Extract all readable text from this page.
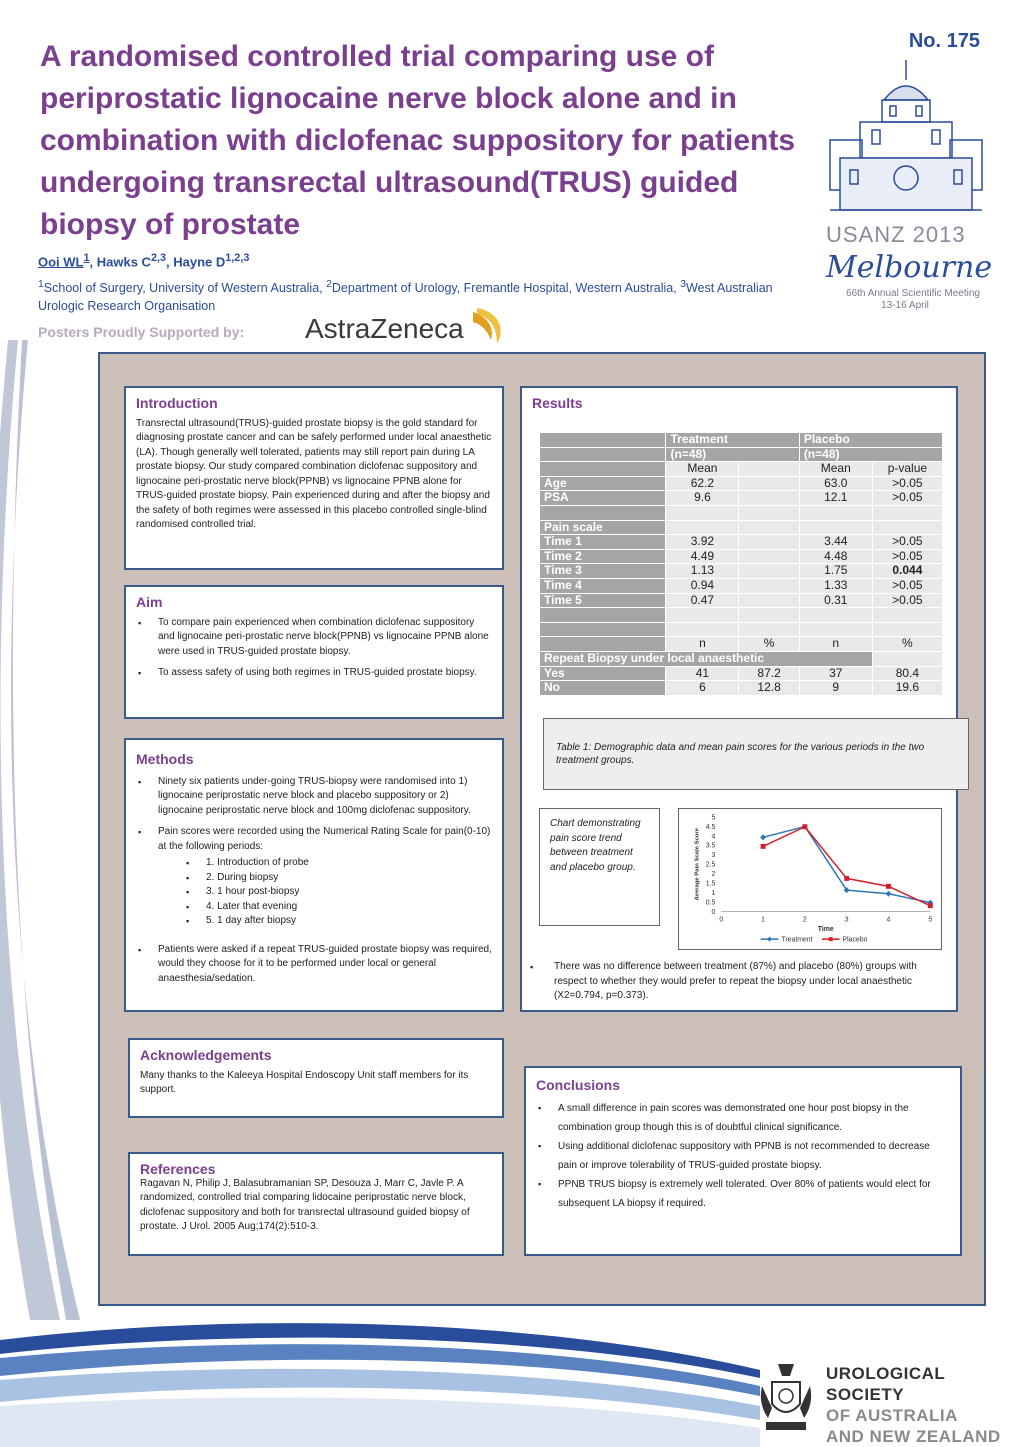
No. 175
A randomised controlled trial comparing use of periprostatic lignocaine nerve block alone and in combination with diclofenac suppository for patients undergoing transrectal ultrasound(TRUS) guided biopsy of prostate
Ooi $WL^1$, Hawks C$^{2,3}$, Hayne D$^{1,2,3}$
$^1$School of Surgery, University of Western Australia, $^2$Department of Urology, Fremantle Hospital, Western Australia, $^3$West Australian Urologic Research Organisation
Posters Proudly Supported by: AstraZeneca
USANZ 2013
Melbourne
66th Annual Scientific Meeting
13-16 April
Introduction
Transrectal ultrasound(TRUS)-guided prostate biopsy is the gold standard for diagnosing prostate cancer and can be safely performed under local anaesthetic (LA). Though generally well tolerated, patients may still report pain during LA prostate biopsy. Our study compared combination diclofenac suppository and lignocaine peri-prostatic nerve block(PPNB) vs lignocaine PPNB alone for TRUS-guided prostate biopsy. Pain experienced during and after the biopsy and the safety of both regimes were assessed in this placebo controlled single-blind randomised controlled trial.
Aim
▪ To compare pain experienced when combination diclofenac suppository and lignocaine peri-prostatic nerve block(PPNB) vs lignocaine PPNB alone were used in TRUS-guided prostate biopsy.
▪ To assess safety of using both regimes in TRUS-guided prostate biopsy.
Methods
▪ Ninety six patients under-going TRUS-biopsy were randomised into 1) lignocaine periprostatic nerve block and placebo suppository or 2) lignocaine periprostatic nerve block and 100mg diclofenac suppository.
▪ Pain scores were recorded using the Numerical Rating Scale for pain(0-10) at the following periods:
▪ 1. Introduction of probe
▪ 2. During biopsy
▪ 3. 1 hour post-biopsy
▪ 4. Later that evening
▪ 5. 1 day after biopsy
▪ Patients were asked if a repeat TRUS-guided prostate biopsy was required, would they choose for it to be performed under local or general anaesthesia/sedation.
Acknowledgements
Many thanks to the Kaleeya Hospital Endoscopy Unit staff members for its support.
References
Ragavan N, Philip J, Balasubramanian SP, Desouza J, Marr C, Javle P. A randomized, controlled trial comparing lidocaine periprostatic nerve block, diclofenac suppository and both for transrectal ultrasound guided biopsy of prostate. J Urol. 2005 Aug;174(2):510-3.
Results
	Treatment		Placebo	
	(n=48)		(n=48)	
	Mean		Mean	p-value
Age	62.2		63.0	>0.05
PSA	9.6		12.1	>0.05

Pain scale				
Time 1	3.92		3.44	>0.05
Time 2	4.49		4.48	>0.05
Time 3	1.13		1.75	0.044
Time 4	0.94		1.33	>0.05
Time 5	0.47		0.31	>0.05

	n	%	n	%
Repeat Biopsy under local anaesthetic				
Yes	41	87.2	37	80.4
No	6	12.8	9	19.6
Table 1: Demographic data and mean pain scores for the various periods in the two treatment groups.
Chart demonstrating pain score trend between treatment and placebo group.
0
0.5
1
1.5
2
2.5
3
3.5
4
4.5
5
0	1	2	3	4	5
Time
Average Pain Scale Score
Treatment	Placebo
▪ There was no difference between treatment (87%) and placebo (80%) groups with respect to whether they would prefer to repeat the biopsy under local anaesthetic (X2=0.794, p=0.373).
Conclusions
▪ A small difference in pain scores was demonstrated one hour post biopsy in the combination group though this is of doubtful clinical significance.
▪ Using additional diclofenac suppository with PPNB is not recommended to decrease pain or improve tolerability of TRUS-guided prostate biopsy.
▪ PPNB TRUS biopsy is extremely well tolerated. Over 80% of patients would elect for subsequent LA biopsy if required.
UROLOGICAL SOCIETY
OF AUSTRALIA
AND NEW ZEALAND
